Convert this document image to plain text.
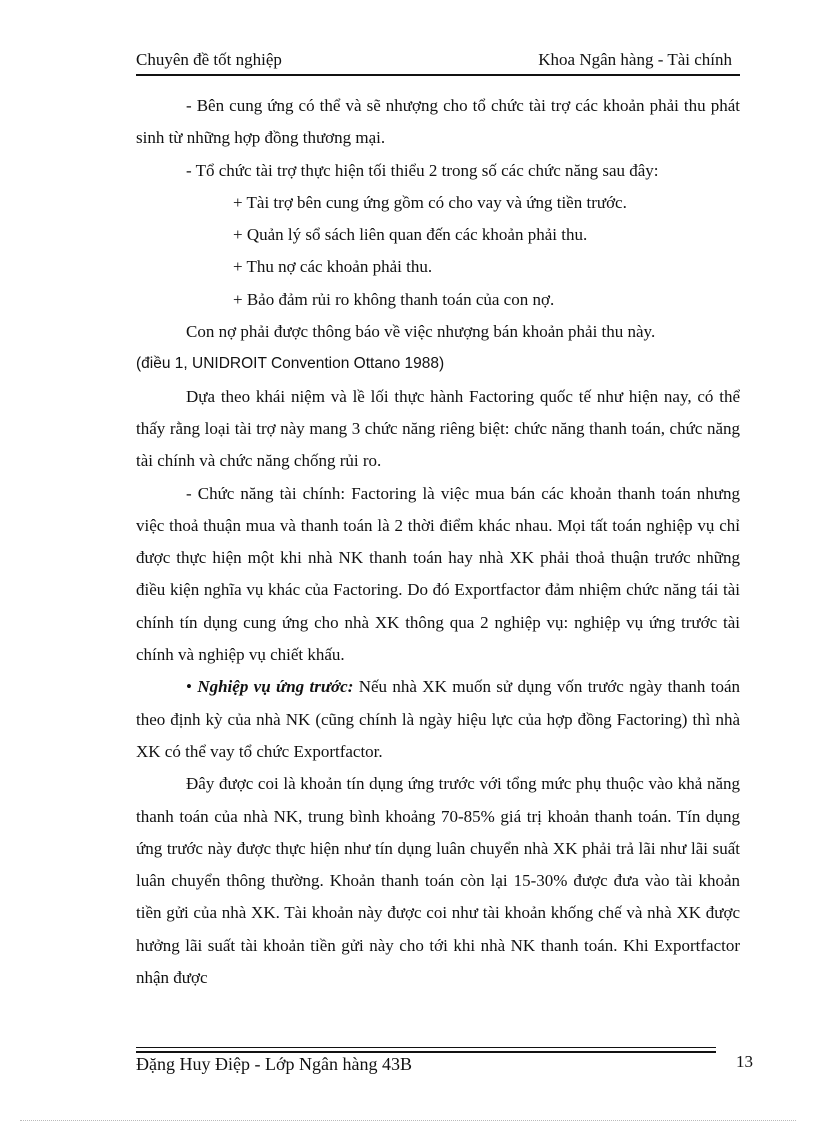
Chuyên đề tốt nghiệp	Khoa Ngân hàng - Tài chính

- Bên cung ứng có thể và sẽ nhượng cho tổ chức tài trợ các khoản phải thu phát sinh từ những hợp đồng thương mại.

- Tổ chức tài trợ thực hiện tối thiểu 2 trong số các chức năng sau đây:

+ Tài trợ bên cung ứng gồm có cho vay và ứng tiền trước.

+ Quản lý sổ sách liên quan đến các khoản phải thu.

+ Thu nợ các khoản phải thu.

+ Bảo đảm rủi ro không thanh toán của con nợ.

Con nợ phải được thông báo về việc nhượng bán khoản phải thu này.

(điều 1, UNIDROIT Convention Ottano 1988)

Dựa theo khái niệm và lề lối thực hành Factoring quốc tế như hiện nay, có thể thấy rằng loại tài trợ này mang 3 chức năng riêng biệt: chức năng thanh toán, chức năng tài chính và chức năng chống rủi ro.

- Chức năng tài chính: Factoring là việc mua bán các khoản thanh toán nhưng việc thoả thuận mua và thanh toán là 2 thời điểm khác nhau. Mọi tất toán nghiệp vụ chỉ được thực hiện một khi nhà NK thanh toán hay nhà XK phải thoả thuận trước những điều kiện nghĩa vụ khác của Factoring. Do đó Exportfactor đảm nhiệm chức năng tái tài chính tín dụng cung ứng cho nhà XK thông qua 2 nghiệp vụ: nghiệp vụ ứng trước tài chính và nghiệp vụ chiết khấu.

• Nghiệp vụ ứng trước: Nếu nhà XK muốn sử dụng vốn trước ngày thanh toán theo định kỳ của nhà NK (cũng chính là ngày hiệu lực của hợp đồng Factoring) thì nhà XK có thể vay tổ chức Exportfactor.

Đây được coi là khoản tín dụng ứng trước với tổng mức phụ thuộc vào khả năng thanh toán của nhà NK, trung bình khoảng 70-85% giá trị khoản thanh toán. Tín dụng ứng trước này được thực hiện như tín dụng luân chuyển nhà XK phải trả lãi như lãi suất luân chuyển thông thường. Khoản thanh toán còn lại 15-30% được đưa vào tài khoản tiền gửi của nhà XK. Tài khoản này được coi như tài khoản khống chế và nhà XK được hưởng lãi suất tài khoản tiền gửi này cho tới khi nhà NK thanh toán. Khi Exportfactor nhận được

Đặng Huy Điệp - Lớp Ngân hàng 43B	13
